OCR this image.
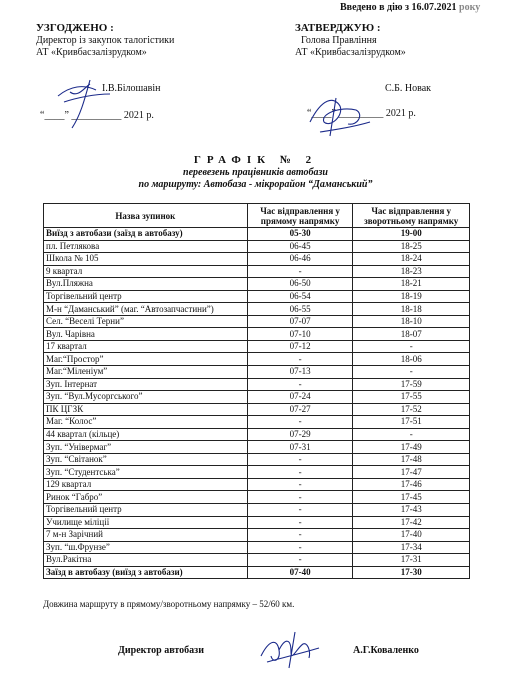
Введено в дію з 16.07.2021 року
УЗГОДЖЕНО :
Директор із закупок талогістики
АТ «Кривбасзалізрудком»
І.В.Білошавін
“____” __________ 2021 р.
ЗАТВЕРДЖУЮ :
Голова Правління
АТ «Кривбасзалізрудком»
С.Б. Новак
“____” _________ 2021 р.
ГРАФІК № 2
перевезень працівників автобази
по маршруту: Автобаза - мікрорайон “Даманський”
Назва зупинок	Час відправлення у прямому напрямку	Час відправлення у зворотньому напрямку
Виїзд з автобази (заїзд в автобазу)	05-30	19-00
пл. Петлякова	06-45	18-25
Школа № 105	06-46	18-24
9 квартал	-	18-23
Вул.Пляжна	06-50	18-21
Торгівельний центр	06-54	18-19
М-н “Даманський” (маг. “Автозапчастини”)	06-55	18-18
Сел. “Веселі Терни”	07-07	18-10
Вул. Чарівна	07-10	18-07
17 квартал	07-12	-
Маг.“Простор”	-	18-06
Маг.“Міленіум”	07-13	-
Зуп. Інтернат	-	17-59
Зуп. “Вул.Мусоргського”	07-24	17-55
ПК ЦГЗК	07-27	17-52
Маг. “Колос”	-	17-51
44 квартал (кільце)	07-29	-
Зуп. “Універмаг”	07-31	17-49
Зуп. “Світанок”	-	17-48
Зуп. “Студентська”	-	17-47
129 квартал	-	17-46
Ринок “Габро”	-	17-45
Торгівельний центр	-	17-43
Училище міліції	-	17-42
7 м-н Зарічний	-	17-40
Зуп. “ш.Фрунзе”	-	17-34
Вул.Ракітна	-	17-31
Заїзд в автобазу (виїзд з автобази)	07-40	17-30
Довжина маршруту в прямому/зворотньому напрямку – 52/60 км.
Директор автобази	А.Г.Коваленко
